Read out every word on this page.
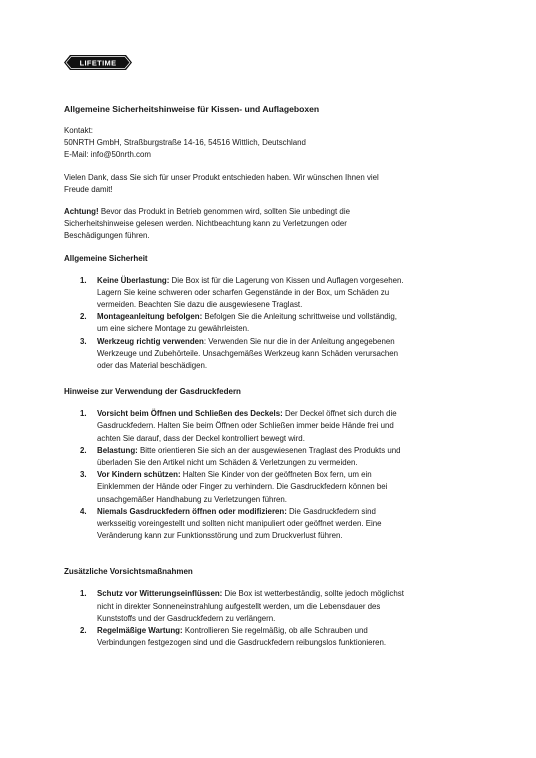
LIFETIME

Allgemeine Sicherheitshinweise für Kissen- und Auflageboxen

Kontakt:

50NRTH GmbH, Straßburgstraße 14-16, 54516 Wittlich, Deutschland

E-Mail: info@50nrth.com

Vielen Dank, dass Sie sich für unser Produkt entschieden haben. Wir wünschen Ihnen viel

Freude damit!

Achtung! Bevor das Produkt in Betrieb genommen wird, sollten Sie unbedingt die

Sicherheitshinweise gelesen werden. Nichtbeachtung kann zu Verletzungen oder

Beschädigungen führen.

Allgemeine Sicherheit

1. Keine Überlastung: Die Box ist für die Lagerung von Kissen und Auflagen vorgesehen.
Lagern Sie keine schweren oder scharfen Gegenstände in der Box, um Schäden zu
vermeiden. Beachten Sie dazu die ausgewiesene Traglast.
2. Montageanleitung befolgen: Befolgen Sie die Anleitung schrittweise und vollständig,
um eine sichere Montage zu gewährleisten.
3. Werkzeug richtig verwenden: Verwenden Sie nur die in der Anleitung angegebenen
Werkzeuge und Zubehörteile. Unsachgemäßes Werkzeug kann Schäden verursachen
oder das Material beschädigen.

Hinweise zur Verwendung der Gasdruckfedern

1. Vorsicht beim Öffnen und Schließen des Deckels: Der Deckel öffnet sich durch die
Gasdruckfedern. Halten Sie beim Öffnen oder Schließen immer beide Hände frei und
achten Sie darauf, dass der Deckel kontrolliert bewegt wird.
2. Belastung: Bitte orientieren Sie sich an der ausgewiesenen Traglast des Produkts und
überladen Sie den Artikel nicht um Schäden & Verletzungen zu vermeiden.
3. Vor Kindern schützen: Halten Sie Kinder von der geöffneten Box fern, um ein
Einklemmen der Hände oder Finger zu verhindern. Die Gasdruckfedern können bei
unsachgemäßer Handhabung zu Verletzungen führen.
4. Niemals Gasdruckfedern öffnen oder modifizieren: Die Gasdruckfedern sind
werksseitig voreingestellt und sollten nicht manipuliert oder geöffnet werden. Eine
Veränderung kann zur Funktionsstörung und zum Druckverlust führen.

Zusätzliche Vorsichtsmaßnahmen

1. Schutz vor Witterungseinflüssen: Die Box ist wetterbeständig, sollte jedoch möglichst
nicht in direkter Sonneneinstrahlung aufgestellt werden, um die Lebensdauer des
Kunststoffs und der Gasdruckfedern zu verlängern.
2. Regelmäßige Wartung: Kontrollieren Sie regelmäßig, ob alle Schrauben und
Verbindungen festgezogen sind und die Gasdruckfedern reibungslos funktionieren.
